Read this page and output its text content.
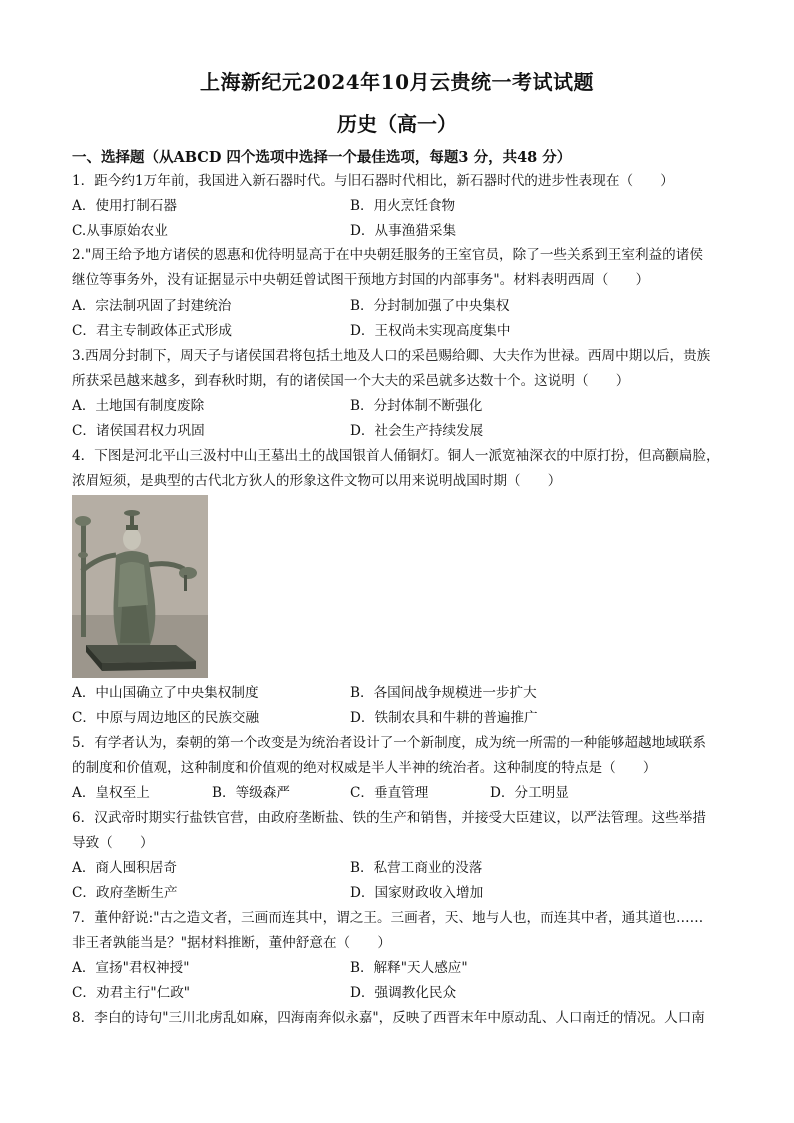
上海新纪元2024年10月云贵统一考试试题
历史（高一）
一、选择题（从ABCD 四个选项中选择一个最佳选项，每题3 分，共48 分）
1．距今约1万年前，我国进入新石器时代。与旧石器时代相比，新石器时代的进步性表现在（　　）
A．使用打制石器	B．用火烹饪食物
C.从事原始农业	D．从事渔猎采集
2."周王给予地方诸侯的恩惠和优待明显高于在中央朝廷服务的王室官员，除了一些关系到王室利益的诸侯
继位等事务外，没有证据显示中央朝廷曾试图干预地方封国的内部事务"。材料表明西周（　　）
A．宗法制巩固了封建统治	B．分封制加强了中央集权
C．君主专制政体正式形成	D．王权尚未实现高度集中
3.西周分封制下，周天子与诸侯国君将包括土地及人口的采邑赐给卿、大夫作为世禄。西周中期以后，贵族
所获采邑越来越多，到春秋时期，有的诸侯国一个大夫的采邑就多达数十个。这说明（　　）
A．土地国有制度废除	B．分封体制不断强化
C．诸侯国君权力巩固	D．社会生产持续发展
4．下图是河北平山三汲村中山王墓出土的战国银首人俑铜灯。铜人一派宽袖深衣的中原打扮，但高颧扁脸，
浓眉短须，是典型的古代北方狄人的形象这件文物可以用来说明战国时期（　　）
A．中山国确立了中央集权制度	B．各国间战争规模进一步扩大
C．中原与周边地区的民族交融	D．铁制农具和牛耕的普遍推广
5．有学者认为，秦朝的第一个改变是为统治者设计了一个新制度，成为统一所需的一种能够超越地域联系
的制度和价值观，这种制度和价值观的绝对权威是半人半神的统治者。这种制度的特点是（　　）
A．皇权至上	B．等级森严	C．垂直管理	D．分工明显
6．汉武帝时期实行盐铁官营，由政府垄断盐、铁的生产和销售，并接受大臣建议，以严法管理。这些举措
导致（　　）
A．商人囤积居奇	B．私营工商业的没落
C．政府垄断生产	D．国家财政收入增加
7．董仲舒说:"古之造文者，三画而连其中，谓之王。三画者，天、地与人也，而连其中者，通其道也……
非王者孰能当是？"据材料推断，董仲舒意在（　　）
A．宣扬"君权神授"	B．解释"天人感应"
C．劝君主行"仁政"	D．强调教化民众
8．李白的诗句"三川北虏乱如麻，四海南奔似永嘉"，反映了西晋末年中原动乱、人口南迁的情况。人口南
